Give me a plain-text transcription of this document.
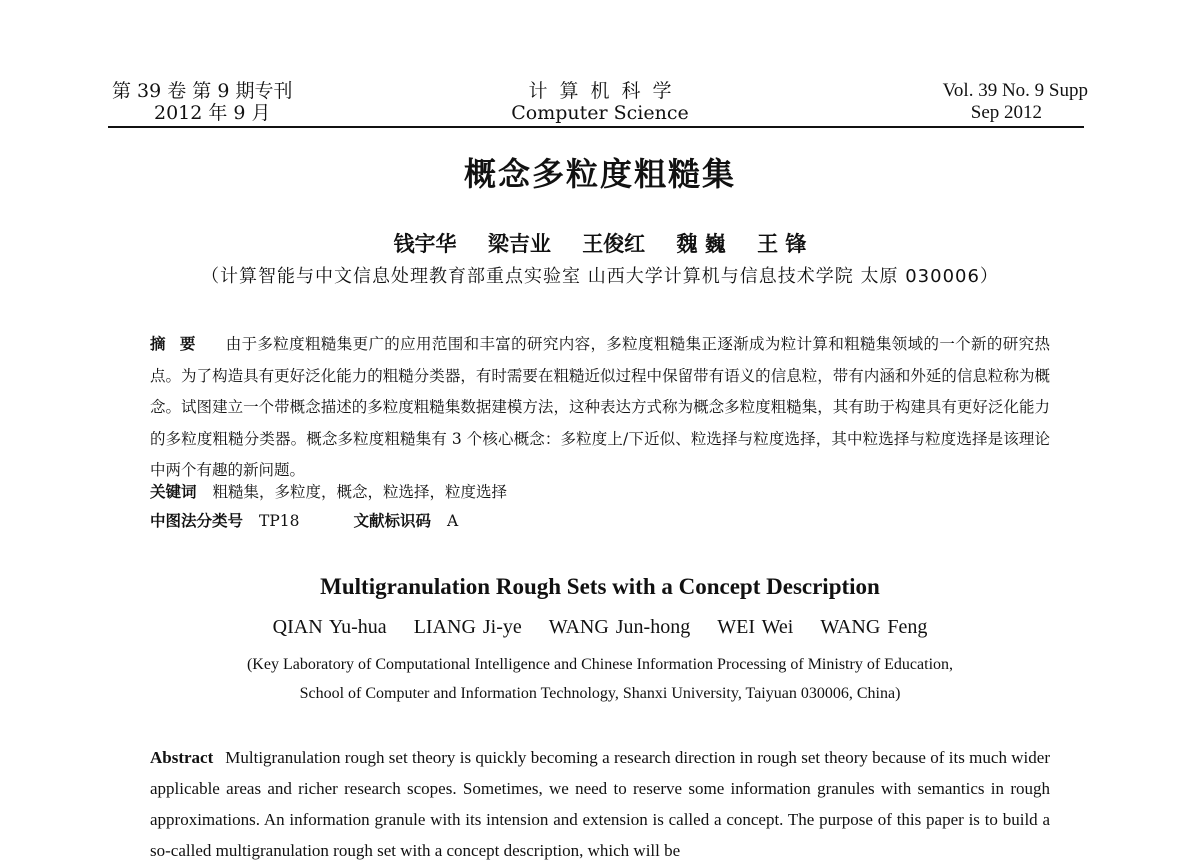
第 39 卷 第 9 期专刊
2012 年 9 月
计算机科学
Computer Science
Vol. 39 No. 9 Supp
Sep 2012
概念多粒度粗糙集
钱宇华 梁吉业 王俊红 魏 巍 王 锋
（计算智能与中文信息处理教育部重点实验室 山西大学计算机与信息技术学院 太原 030006）
摘要 由于多粒度粗糙集更广的应用范围和丰富的研究内容，多粒度粗糙集正逐渐成为粒计算和粗糙集领域的一个新的研究热点。为了构造具有更好泛化能力的粗糙分类器，有时需要在粗糙近似过程中保留带有语义的信息粒，带有内涵和外延的信息粒称为概念。试图建立一个带概念描述的多粒度粗糙集数据建模方法，这种表达方式称为概念多粒度粗糙集，其有助于构建具有更好泛化能力的多粒度粗糙分类器。概念多粒度粗糙集有 3 个核心概念：多粒度上/下近似、粒选择与粒度选择，其中粒选择与粒度选择是该理论中两个有趣的新问题。
关键词 粗糙集，多粒度，概念，粒选择，粒度选择
中图法分类号 TP18	文献标识码 A
Multigranulation Rough Sets with a Concept Description
QIAN Yu-hua LIANG Ji-ye WANG Jun-hong WEI Wei WANG Feng
(Key Laboratory of Computational Intelligence and Chinese Information Processing of Ministry of Education,
School of Computer and Information Technology, Shanxi University, Taiyuan 030006, China)
Abstract Multigranulation rough set theory is quickly becoming a research direction in rough set theory because of its much wider applicable areas and richer research scopes. Sometimes, we need to reserve some information granules with semantics in rough approximations. An information granule with its intension and extension is called a concept. The purpose of this paper is to build a so-called multigranulation rough set with a concept description, which will be
